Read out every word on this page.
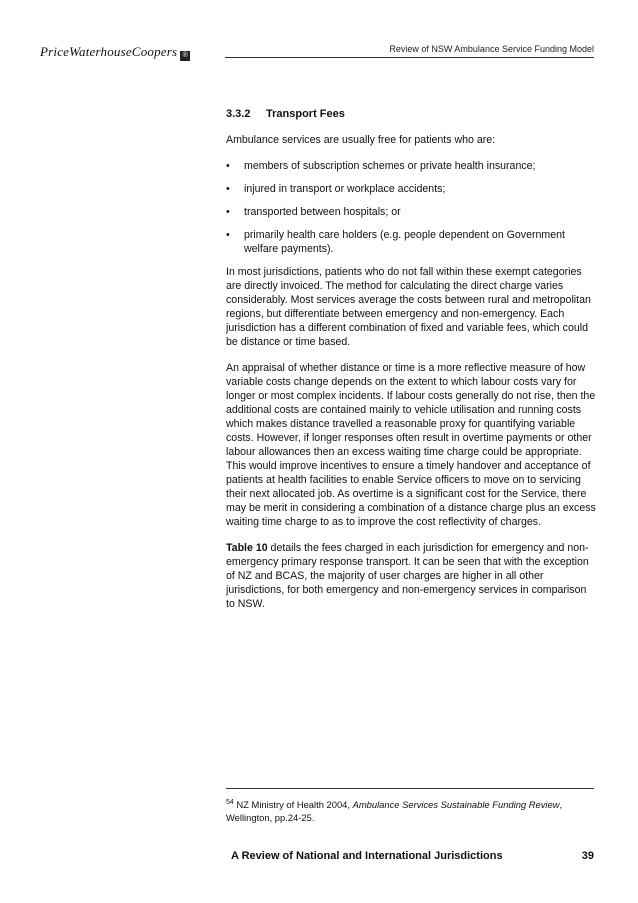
PriceWaterhouseCoopers ®
Review of NSW Ambulance Service Funding Model
3.3.2 Transport Fees

Ambulance services are usually free for patients who are:

• members of subscription schemes or private health insurance;
• injured in transport or workplace accidents;
• transported between hospitals; or
• primarily health care holders (e.g. people dependent on Government welfare payments).

In most jurisdictions, patients who do not fall within these exempt categories are directly invoiced. The method for calculating the direct charge varies considerably. Most services average the costs between rural and metropolitan regions, but differentiate between emergency and non-emergency. Each jurisdiction has a different combination of fixed and variable fees, which could be distance or time based.

An appraisal of whether distance or time is a more reflective measure of how variable costs change depends on the extent to which labour costs vary for longer or most complex incidents. If labour costs generally do not rise, then the additional costs are contained mainly to vehicle utilisation and running costs which makes distance travelled a reasonable proxy for quantifying variable costs. However, if longer responses often result in overtime payments or other labour allowances then an excess waiting time charge could be appropriate. This would improve incentives to ensure a timely handover and acceptance of patients at health facilities to enable Service officers to move on to servicing their next allocated job. As overtime is a significant cost for the Service, there may be merit in considering a combination of a distance charge plus an excess waiting time charge to as to improve the cost reflectivity of charges.

Table 10 details the fees charged in each jurisdiction for emergency and non-emergency primary response transport. It can be seen that with the exception of NZ and BCAS, the majority of user charges are higher in all other jurisdictions, for both emergency and non-emergency services in comparison to NSW.

$^{54}$ NZ Ministry of Health 2004, Ambulance Services Sustainable Funding Review, Wellington, pp.24-25.
A Review of National and International Jurisdictions	39
